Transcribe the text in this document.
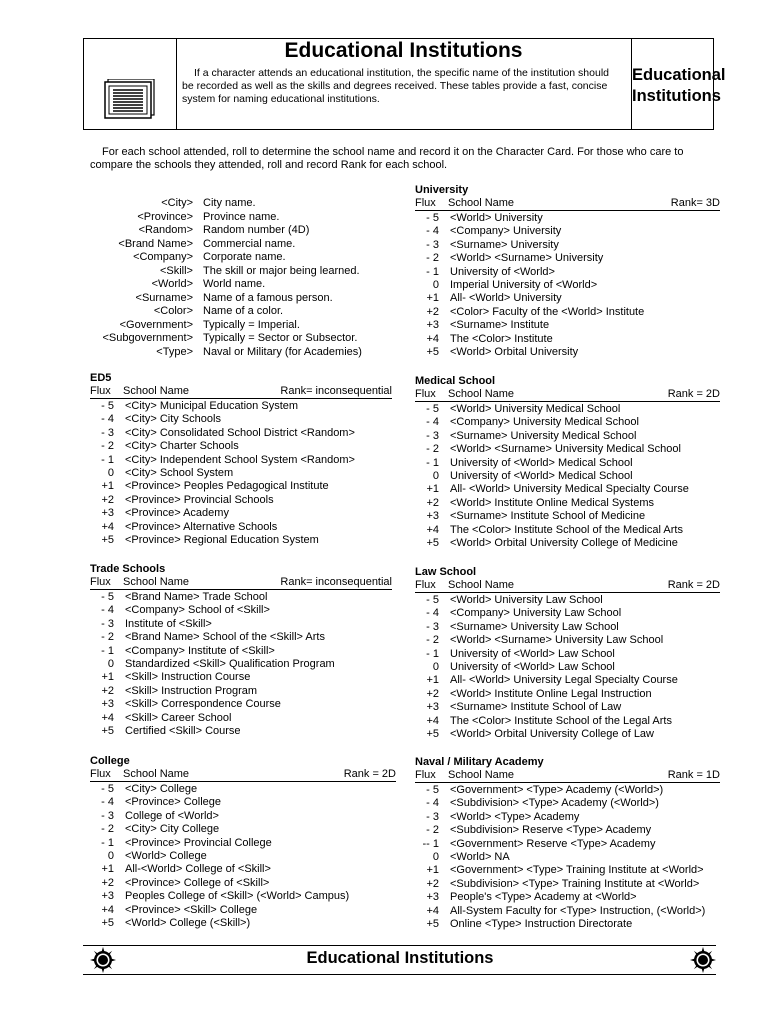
Educational Institutions
If a character attends an educational institution, the specific name of the institution should be recorded as well as the skills and degrees received. These tables provide a fast, concise system for naming educational institutions.
Educational
Institutions
For each school attended, roll to determine the school name and record it on the Character Card. For those who care to compare the schools they attended, roll and record Rank for each school.
<City> City name.
<Province> Province name.
<Random> Random number (4D)
<Brand Name> Commercial name.
<Company> Corporate name.
<Skill> The skill or major being learned.
<World> World name.
<Surname> Name of a famous person.
<Color> Name of a color.
<Government> Typically = Imperial.
<Subgovernment> Typically = Sector or Subsector.
<Type> Naval or Military (for Academies)
ED5
Flux School Name	Rank= inconsequential
- 5 <City> Municipal Education System
- 4 <City> City Schools
- 3 <City> Consolidated School District <Random>
- 2 <City> Charter Schools
- 1 <City> Independent School System <Random>
0 <City> School System
+1 <Province> Peoples Pedagogical Institute
+2 <Province> Provincial Schools
+3 <Province> Academy
+4 <Province> Alternative Schools
+5 <Province> Regional Education System
Trade Schools
Flux School Name	Rank= inconsequential
- 5 <Brand Name> Trade School
- 4 <Company> School of <Skill>
- 3 Institute of <Skill>
- 2 <Brand Name> School of the <Skill> Arts
- 1 <Company> Institute of <Skill>
0 Standardized <Skill> Qualification Program
+1 <Skill> Instruction Course
+2 <Skill> Instruction Program
+3 <Skill> Correspondence Course
+4 <Skill> Career School
+5 Certified <Skill> Course
College
Flux School Name	Rank = 2D
- 5 <City> College
- 4 <Province> College
- 3 College of <World>
- 2 <City> City College
- 1 <Province> Provincial College
0 <World> College
+1 All-<World> College of <Skill>
+2 <Province> College of <Skill>
+3 Peoples College of <Skill> (<World> Campus)
+4 <Province> <Skill> College
+5 <World> College (<Skill>)
University
Flux School Name	Rank= 3D
- 5 <World> University
- 4 <Company> University
- 3 <Surname> University
- 2 <World> <Surname> University
- 1 University of <World>
0 Imperial University of <World>
+1 All- <World> University
+2 <Color> Faculty of the <World> Institute
+3 <Surname> Institute
+4 The <Color> Institute
+5 <World> Orbital University
Medical School
Flux School Name	Rank = 2D
- 5 <World> University Medical School
- 4 <Company> University Medical School
- 3 <Surname> University Medical School
- 2 <World> <Surname> University Medical School
- 1 University of <World> Medical School
0 University of <World> Medical School
+1 All- <World> University Medical Specialty Course
+2 <World> Institute Online Medical Systems
+3 <Surname> Institute School of Medicine
+4 The <Color> Institute School of the Medical Arts
+5 <World> Orbital University College of Medicine
Law School
Flux School Name	Rank = 2D
- 5 <World> University Law School
- 4 <Company> University Law School
- 3 <Surname> University Law School
- 2 <World> <Surname> University Law School
- 1 University of <World> Law School
0 University of <World> Law School
+1 All- <World> University Legal Specialty Course
+2 <World> Institute Online Legal Instruction
+3 <Surname> Institute School of Law
+4 The <Color> Institute School of the Legal Arts
+5 <World> Orbital University College of Law
Naval / Military Academy
Flux School Name	Rank = 1D
- 5 <Government> <Type> Academy (<World>)
- 4 <Subdivision> <Type> Academy (<World>)
- 3 <World> <Type> Academy
- 2 <Subdivision> Reserve <Type> Academy
-- 1 <Government> Reserve <Type> Academy
0 <World> NA
+1 <Government> <Type> Training Institute at <World>
+2 <Subdivision> <Type> Training Institute at <World>
+3 People's <Type> Academy at <World>
+4 All-System Faculty for <Type> Instruction, (<World>)
+5 Online <Type> Instruction Directorate
Educational Institutions
